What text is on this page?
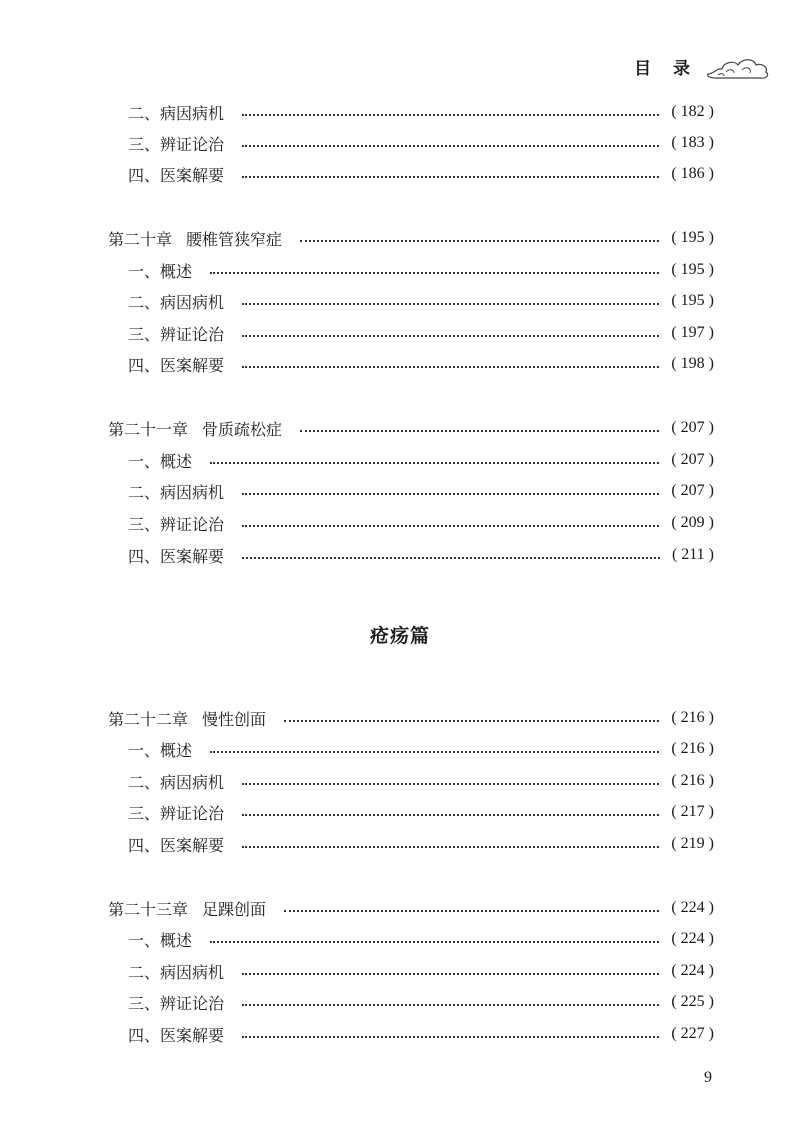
目 录
二、病因病机	( 182 )
三、辨证论治	( 183 )
四、医案解要	( 186 )
第二十章 腰椎管狭窄症	( 195 )
一、概述	( 195 )
二、病因病机	( 195 )
三、辨证论治	( 197 )
四、医案解要	( 198 )
第二十一章 骨质疏松症	( 207 )
一、概述	( 207 )
二、病因病机	( 207 )
三、辨证论治	( 209 )
四、医案解要	( 211 )
第二十二章 慢性创面	( 216 )
一、概述	( 216 )
二、病因病机	( 216 )
三、辨证论治	( 217 )
四、医案解要	( 219 )
第二十三章 足踝创面	( 224 )
一、概述	( 224 )
二、病因病机	( 224 )
三、辨证论治	( 225 )
四、医案解要	( 227 )
疮疡篇
9
